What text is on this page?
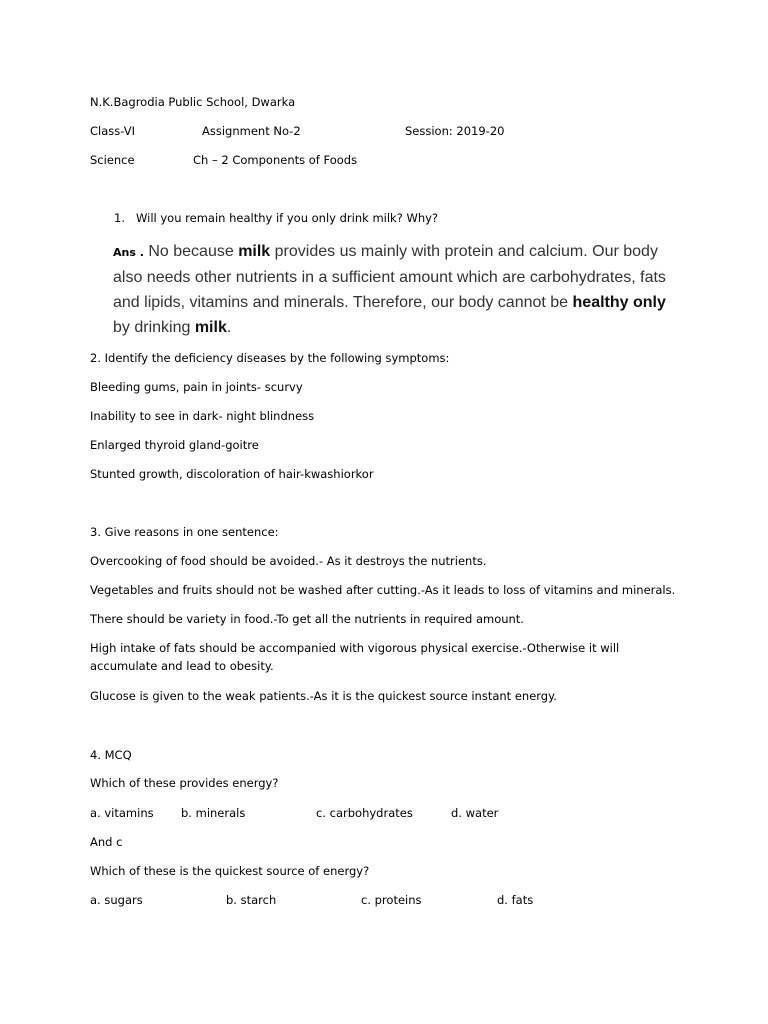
N.K.Bagrodia Public School, Dwarka
Class-VI	Assignment No-2	Session: 2019-20
Science	Ch – 2 Components of Foods
1. Will you remain healthy if you only drink milk? Why?
Ans . No because milk provides us mainly with protein and calcium. Our body also needs other nutrients in a sufficient amount which are carbohydrates, fats and lipids, vitamins and minerals. Therefore, our body cannot be healthy only by drinking milk.
2. Identify the deficiency diseases by the following symptoms:
Bleeding gums, pain in joints- scurvy
Inability to see in dark- night blindness
Enlarged thyroid gland-goitre
Stunted growth, discoloration of hair-kwashiorkor
3. Give reasons in one sentence:
Overcooking of food should be avoided.- As it destroys the nutrients.
Vegetables and fruits should not be washed after cutting.-As it leads to loss of vitamins and minerals.
There should be variety in food.-To get all the nutrients in required amount.
High intake of fats should be accompanied with vigorous physical exercise.-Otherwise it will accumulate and lead to obesity.
Glucose is given to the weak patients.-As it is the quickest source instant energy.
4. MCQ
Which of these provides energy?
a. vitamins b. minerals	c. carbohydrates	d. water
And c
Which of these is the quickest source of energy?
a. sugars	b. starch	c. proteins	d. fats
